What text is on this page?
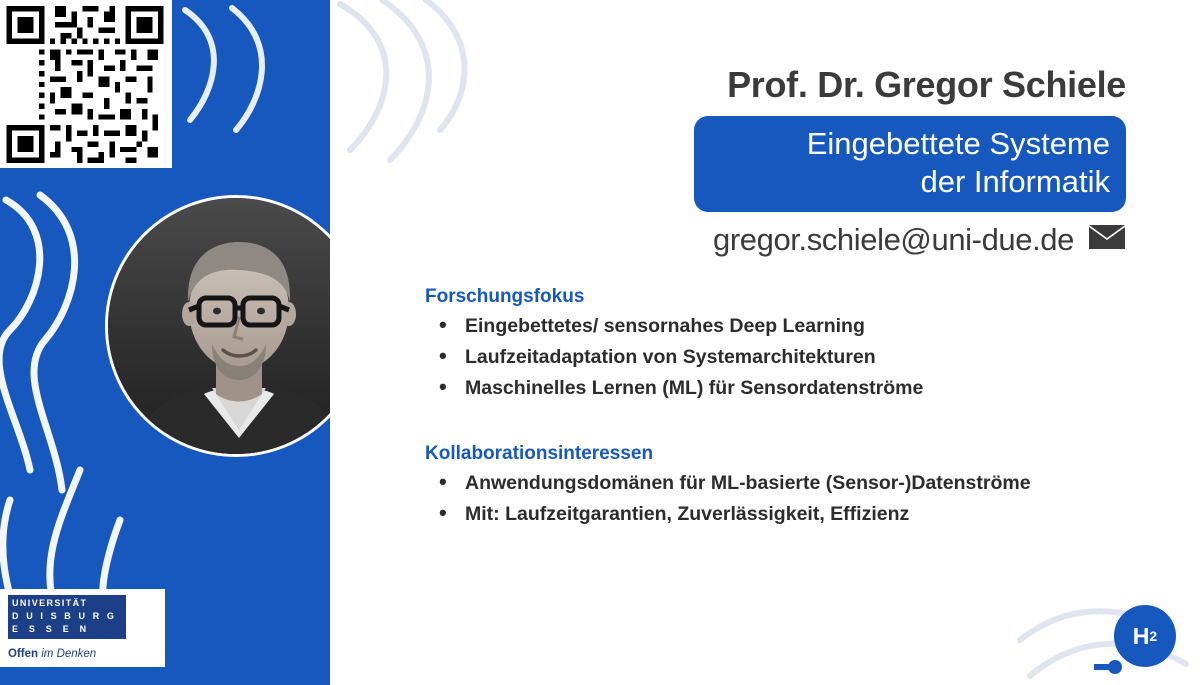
UNIVERSITÄT
D U I S B U R G
E S S E N
Offen im Denken
Prof. Dr. Gregor Schiele
Eingebettete Systeme
der Informatik
gregor.schiele@uni-due.de
Forschungsfokus
• Eingebettetes/ sensornahes Deep Learning
• Laufzeitadaptation von Systemarchitekturen
• Maschinelles Lernen (ML) für Sensordatenströme
Kollaborationsinteressen
• Anwendungsdomänen für ML-basierte (Sensor-)Datenströme
• Mit: Laufzeitgarantien, Zuverlässigkeit, Effizienz
H 2
